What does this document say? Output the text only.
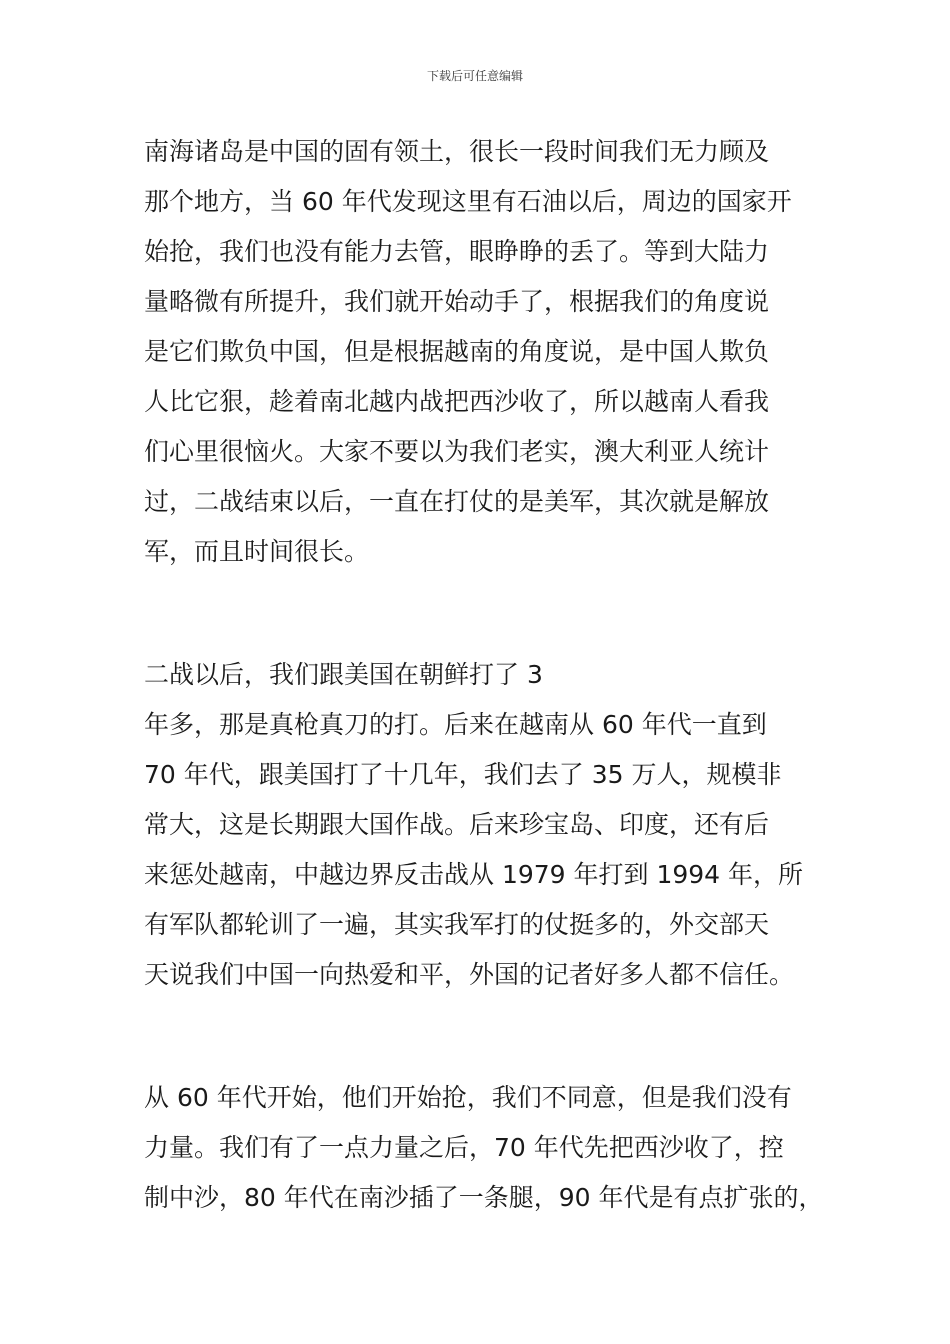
下载后可任意编辑
南海诸岛是中国的固有领土，很长一段时间我们无力顾及
那个地方，当 60 年代发现这里有石油以后，周边的国家开
始抢，我们也没有能力去管，眼睁睁的丢了。等到大陆力
量略微有所提升，我们就开始动手了，根据我们的角度说
是它们欺负中国，但是根据越南的角度说，是中国人欺负
人比它狠，趁着南北越内战把西沙收了，所以越南人看我
们心里很恼火。大家不要以为我们老实，澳大利亚人统计
过，二战结束以后，一直在打仗的是美军，其次就是解放
军，而且时间很长。
二战以后，我们跟美国在朝鲜打了 3
年多，那是真枪真刀的打。后来在越南从 60 年代一直到
70 年代，跟美国打了十几年，我们去了 35 万人，规模非
常大，这是长期跟大国作战。后来珍宝岛、印度，还有后
来惩处越南，中越边界反击战从 1979 年打到 1994 年，所
有军队都轮训了一遍，其实我军打的仗挺多的，外交部天
天说我们中国一向热爱和平，外国的记者好多人都不信任。
从 60 年代开始，他们开始抢，我们不同意，但是我们没有
力量。我们有了一点力量之后，70 年代先把西沙收了，控
制中沙，80 年代在南沙插了一条腿，90 年代是有点扩张的，
